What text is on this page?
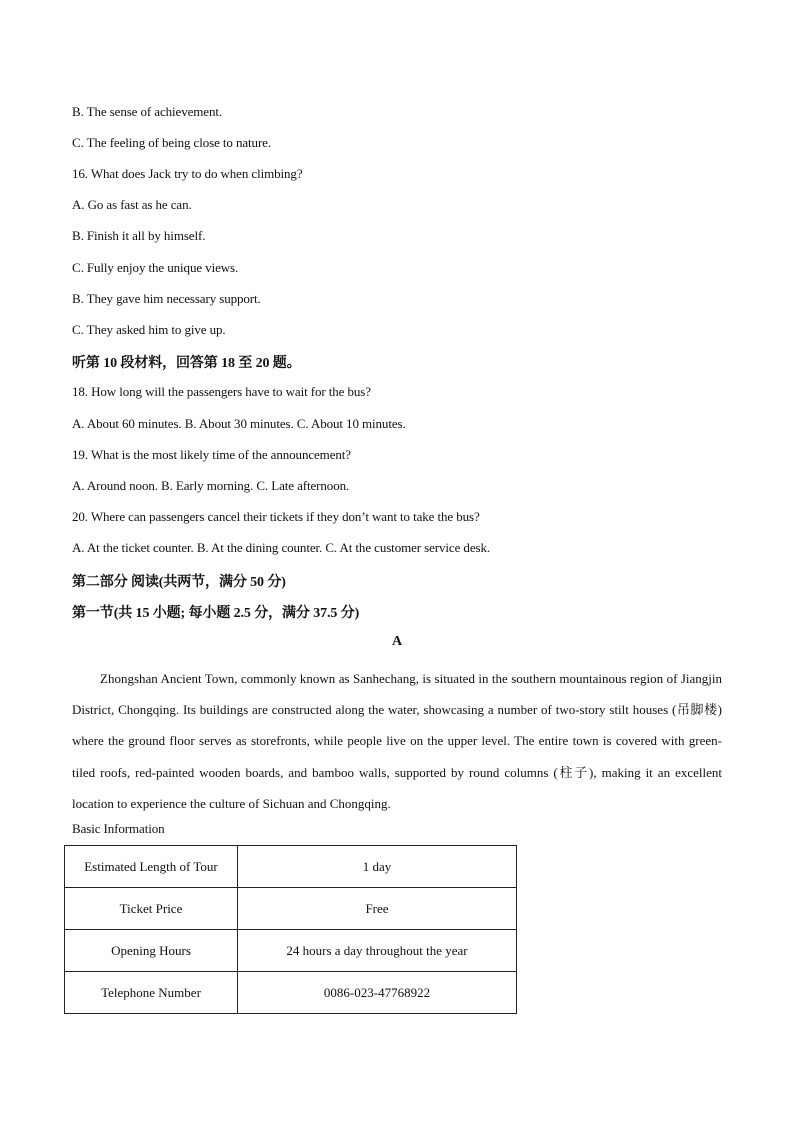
B. The sense of achievement.
C. The feeling of being close to nature.
16. What does Jack try to do when climbing?
A. Go as fast as he can.
B. Finish it all by himself.
C. Fully enjoy the unique views.
B. They gave him necessary support.
C. They asked him to give up.
听第 10 段材料，回答第 18 至 20 题。
18. How long will the passengers have to wait for the bus?
A. About 60 minutes. B. About 30 minutes. C. About 10 minutes.
19. What is the most likely time of the announcement?
A. Around noon. B. Early morning. C. Late afternoon.
20. Where can passengers cancel their tickets if they don’t want to take the bus?
A. At the ticket counter. B. At the dining counter. C. At the customer service desk.
第二部分 阅读(共两节，满分 50 分)
第一节(共 15 小题; 每小题 2.5 分，满分 37.5 分)
A
Zhongshan Ancient Town, commonly known as Sanhechang, is situated in the southern mountainous region of Jiangjin District, Chongqing. Its buildings are constructed along the water, showcasing a number of two-story stilt houses (吊脚楼) where the ground floor serves as storefronts, while people live on the upper level. The entire town is covered with green-tiled roofs, red-painted wooden boards, and bamboo walls, supported by round columns (柱子), making it an excellent location to experience the culture of Sichuan and Chongqing.
Basic Information
Estimated Length of Tour	1 day
Ticket Price	Free
Opening Hours	24 hours a day throughout the year
Telephone Number	0086-023-47768922
